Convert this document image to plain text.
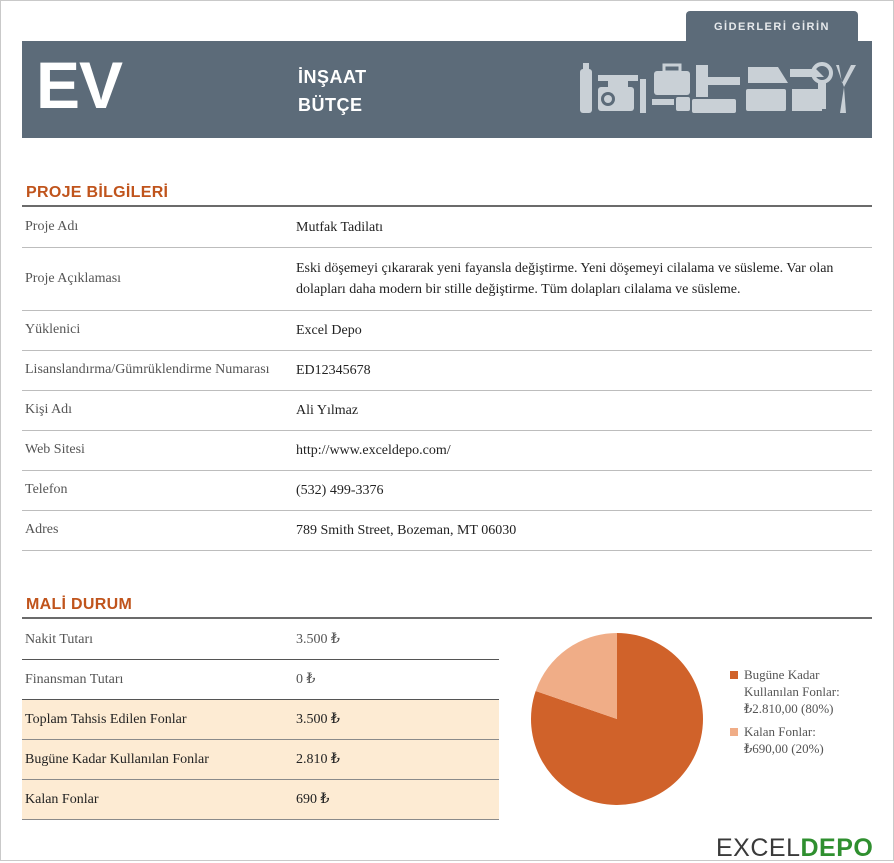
GİDERLERİ GİRİN
EV	İNŞAAT
BÜTÇE
PROJE BİLGİLERİ
Proje Adı	Mutfak Tadilatı
Proje Açıklaması	Eski döşemeyi çıkararak yeni fayansla değiştirme. Yeni döşemeyi cilalama ve süsleme. Var olan dolapları daha modern bir stille değiştirme. Tüm dolapları cilalama ve süsleme.
Yüklenici	Excel Depo
Lisanslandırma/Gümrüklendirme Numarası	ED12345678
Kişi Adı	Ali Yılmaz
Web Sitesi	http://www.exceldepo.com/
Telefon	(532) 499-3376
Adres	789 Smith Street, Bozeman, MT 06030
MALİ DURUM
Nakit Tutarı	3.500 ₺
Finansman Tutarı	0 ₺
Toplam Tahsis Edilen Fonlar	3.500 ₺
Bugüne Kadar Kullanılan Fonlar	2.810 ₺
Kalan Fonlar	690 ₺
Bugüne Kadar
Kullanılan Fonlar:
₺2.810,00 (80%)
Kalan Fonlar:
₺690,00 (20%)
EXCELDEPO
